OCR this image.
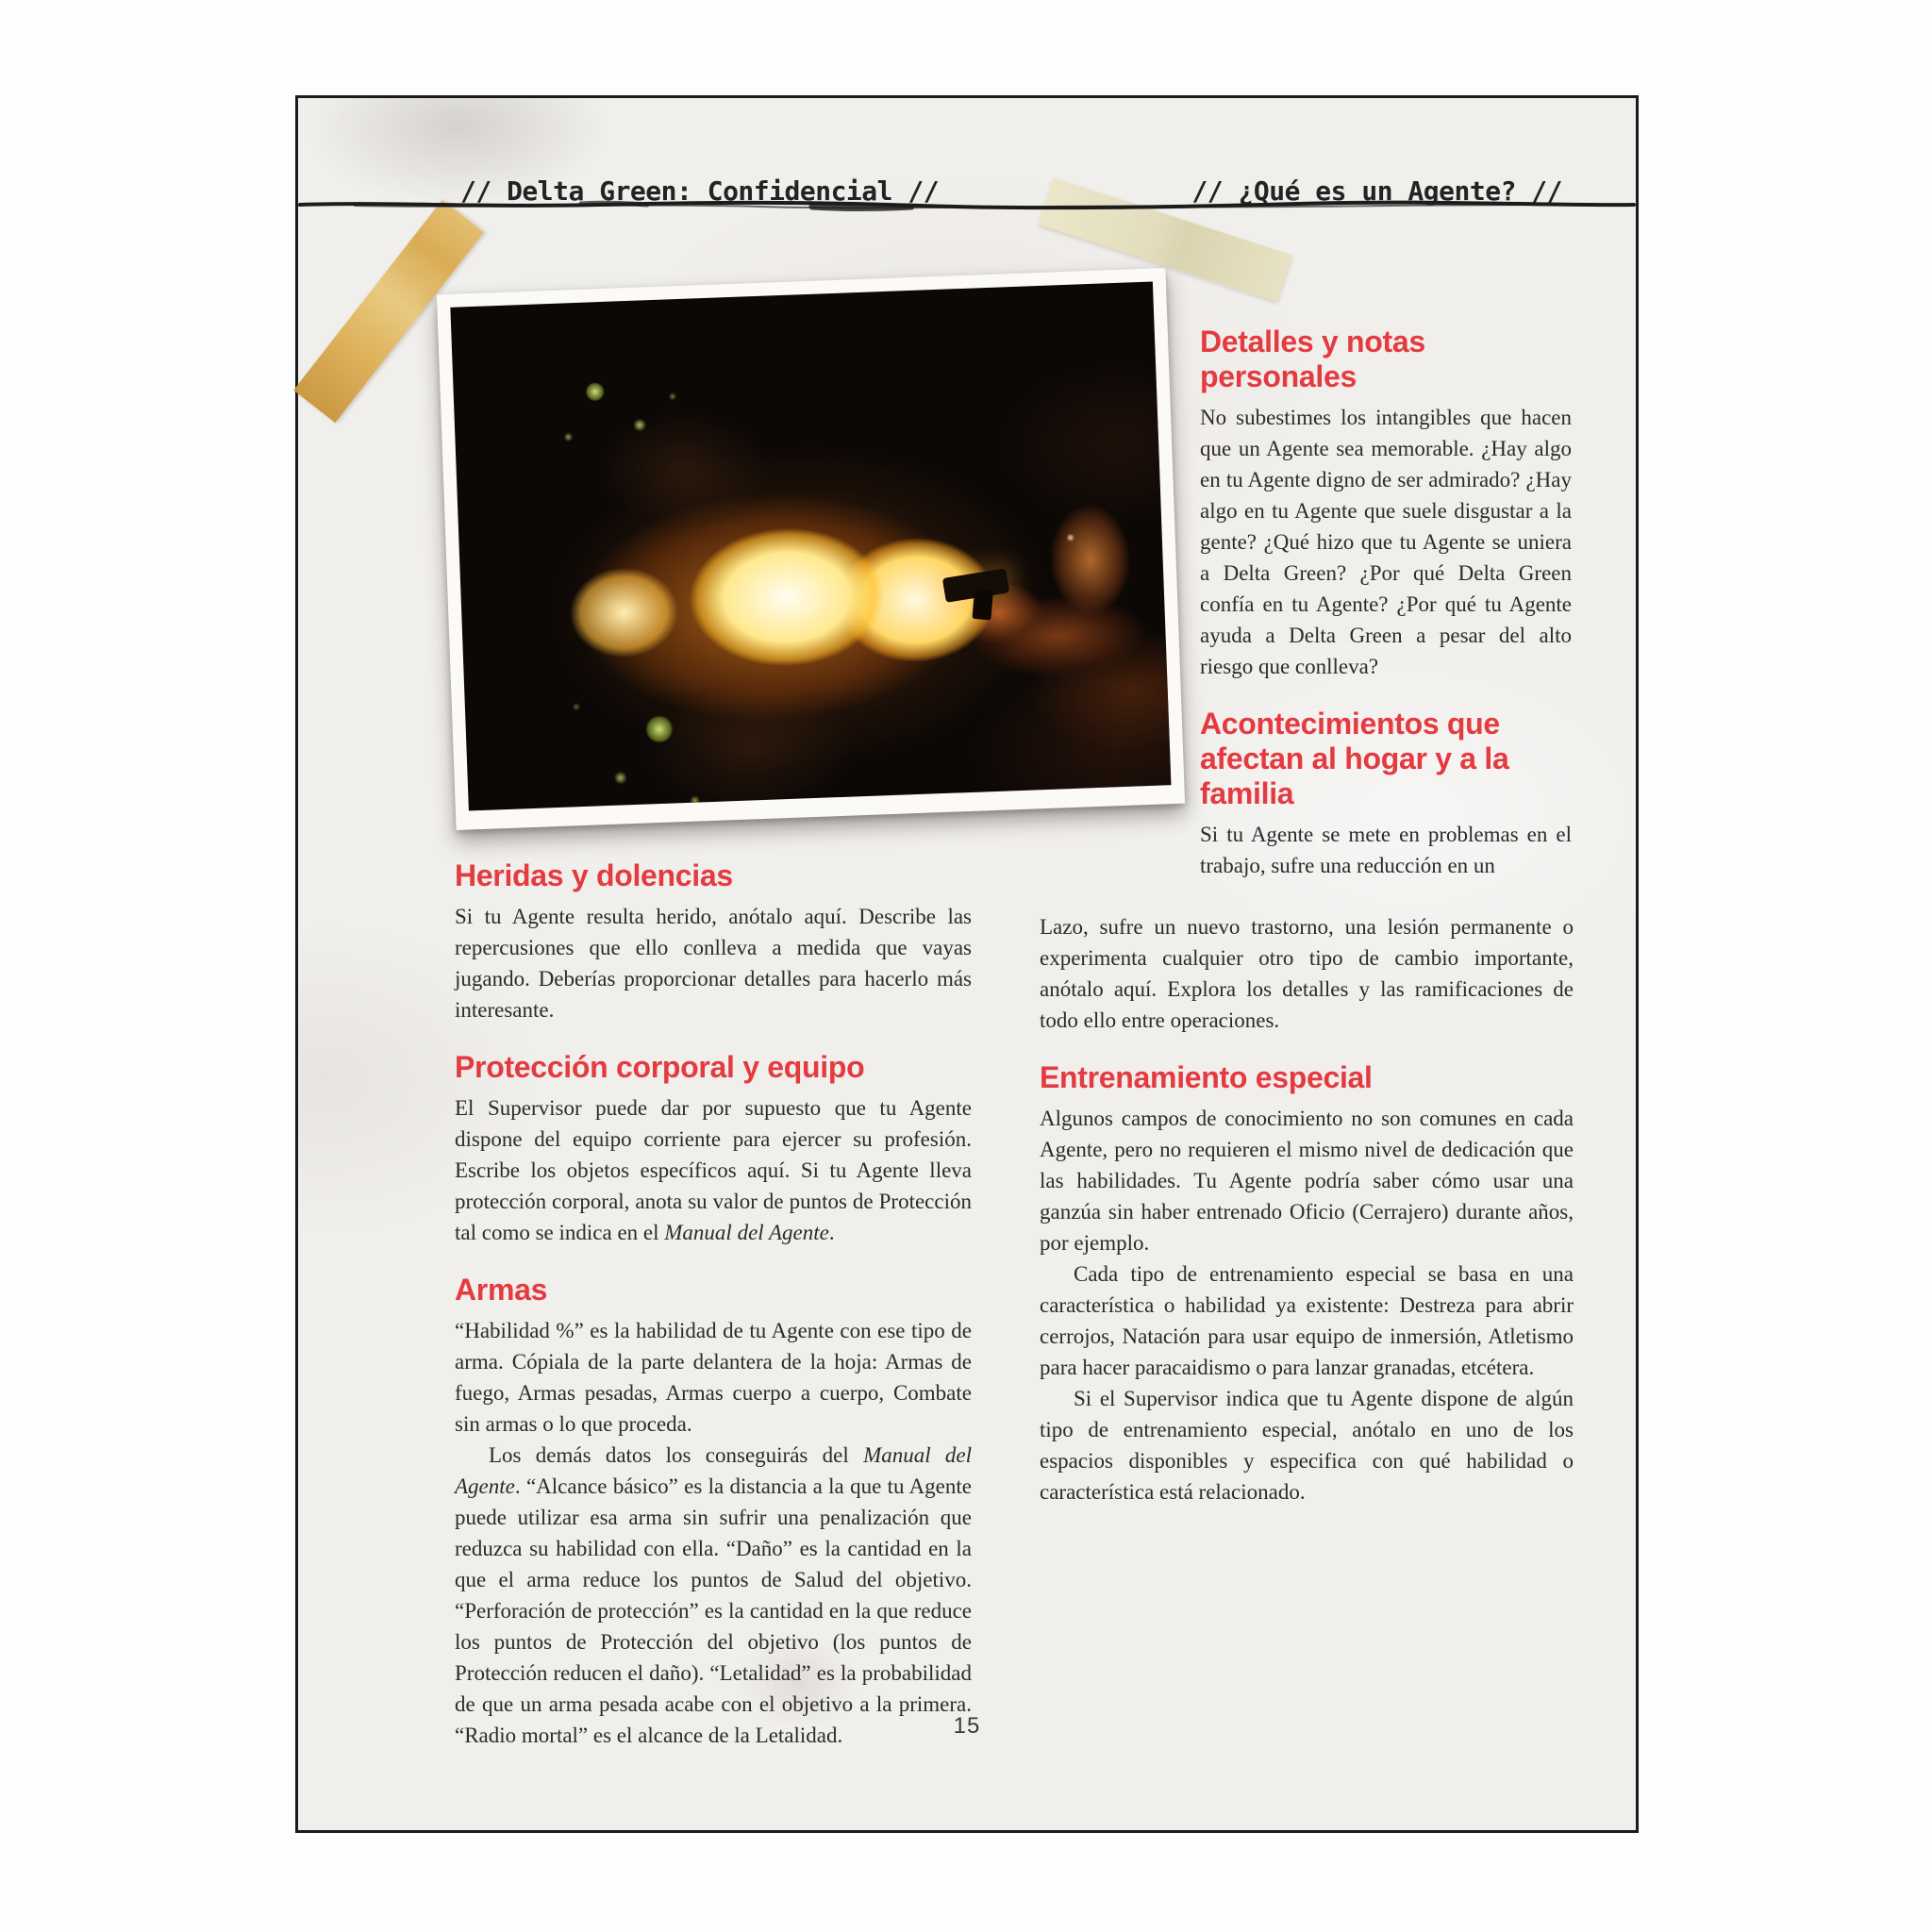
// Delta Green: Confidencial //	// ¿Qué es un Agente? //
Heridas y dolencias

Si tu Agente resulta herido, anótalo aquí. Describe las repercusiones que ello conlleva a medida que vayas jugando. Deberías proporcionar detalles para hacerlo más interesante.

Protección corporal y equipo

El Supervisor puede dar por supuesto que tu Agente dispone del equipo corriente para ejercer su profesión. Escribe los objetos específicos aquí. Si tu Agente lleva protección corporal, anota su valor de puntos de Protección tal como se indica en el Manual del Agente.

Armas

“Habilidad %” es la habilidad de tu Agente con ese tipo de arma. Cópiala de la parte delantera de la hoja: Armas de fuego, Armas pesadas, Armas cuerpo a cuerpo, Combate sin armas o lo que proceda.

Los demás datos los conseguirás del Manual del Agente. “Alcance básico” es la distancia a la que tu Agente puede utilizar esa arma sin sufrir una penalización que reduzca su habilidad con ella. “Daño” es la cantidad en la que el arma reduce los puntos de Salud del objetivo. “Perforación de protección” es la cantidad en la que reduce los puntos de Protección del objetivo (los puntos de Protección reducen el daño). “Letalidad” es la probabilidad de que un arma pesada acabe con el objetivo a la primera. “Radio mortal” es el alcance de la Letalidad.

Detalles y notas personales

No subestimes los intangibles que hacen que un Agente sea memorable. ¿Hay algo en tu Agente digno de ser admirado? ¿Hay algo en tu Agente que suele disgustar a la gente? ¿Qué hizo que tu Agente se uniera a Delta Green? ¿Por qué Delta Green confía en tu Agente? ¿Por qué tu Agente ayuda a Delta Green a pesar del alto riesgo que conlleva?

Acontecimientos que afectan al hogar y a la familia

Si tu Agente se mete en problemas en el trabajo, sufre una reducción en un

Lazo, sufre un nuevo trastorno, una lesión permanente o experimenta cualquier otro tipo de cambio importante, anótalo aquí. Explora los detalles y las ramificaciones de todo ello entre operaciones.

Entrenamiento especial

Algunos campos de conocimiento no son comunes en cada Agente, pero no requieren el mismo nivel de dedicación que las habilidades. Tu Agente podría saber cómo usar una ganzúa sin haber entrenado Oficio (Cerrajero) durante años, por ejemplo.

Cada tipo de entrenamiento especial se basa en una característica o habilidad ya existente: Destreza para abrir cerrojos, Natación para usar equipo de inmersión, Atletismo para hacer paracaidismo o para lanzar granadas, etcétera.

Si el Supervisor indica que tu Agente dispone de algún tipo de entrenamiento especial, anótalo en uno de los espacios disponibles y especifica con qué habilidad o característica está relacionado.

15
